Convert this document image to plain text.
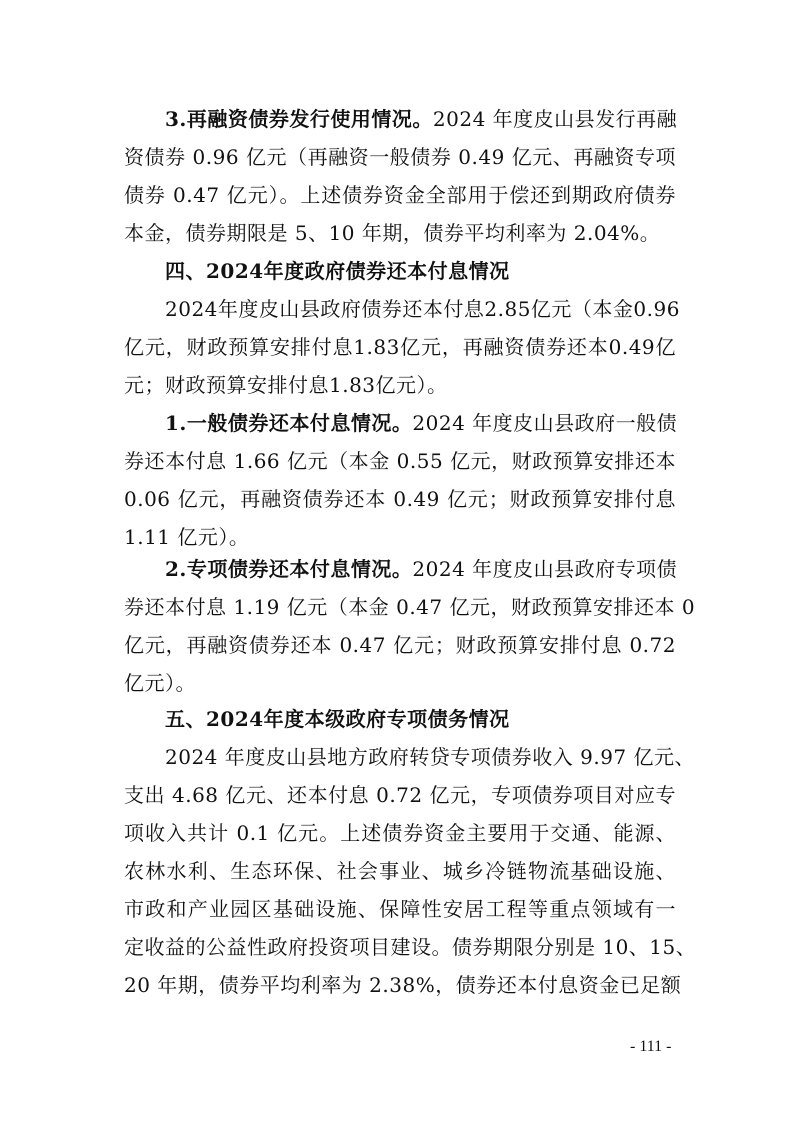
3.再融资债券发行使用情况。2024 年度皮山县发行再融
资债券 0.96 亿元（再融资一般债券 0.49 亿元、再融资专项
债券 0.47 亿元）。上述债券资金全部用于偿还到期政府债券
本金，债券期限是 5、10 年期，债券平均利率为 2.04%。
四、2024年度政府债券还本付息情况
2024年度皮山县政府债券还本付息2.85亿元（本金0.96
亿元，财政预算安排付息1.83亿元，再融资债券还本0.49亿
元；财政预算安排付息1.83亿元）。
1.一般债券还本付息情况。2024 年度皮山县政府一般债
券还本付息 1.66 亿元（本金 0.55 亿元，财政预算安排还本
0.06 亿元，再融资债券还本 0.49 亿元；财政预算安排付息
1.11 亿元）。
2.专项债券还本付息情况。2024 年度皮山县政府专项债
券还本付息 1.19 亿元（本金 0.47 亿元，财政预算安排还本 0
亿元，再融资债券还本 0.47 亿元；财政预算安排付息 0.72
亿元）。
五、2024年度本级政府专项债务情况
2024 年度皮山县地方政府转贷专项债券收入 9.97 亿元、
支出 4.68 亿元、还本付息 0.72 亿元，专项债券项目对应专
项收入共计 0.1 亿元。上述债券资金主要用于交通、能源、
农林水利、生态环保、社会事业、城乡冷链物流基础设施、
市政和产业园区基础设施、保障性安居工程等重点领域有一
定收益的公益性政府投资项目建设。债券期限分别是 10、15、
20 年期，债券平均利率为 2.38%，债券还本付息资金已足额
- 111 -
